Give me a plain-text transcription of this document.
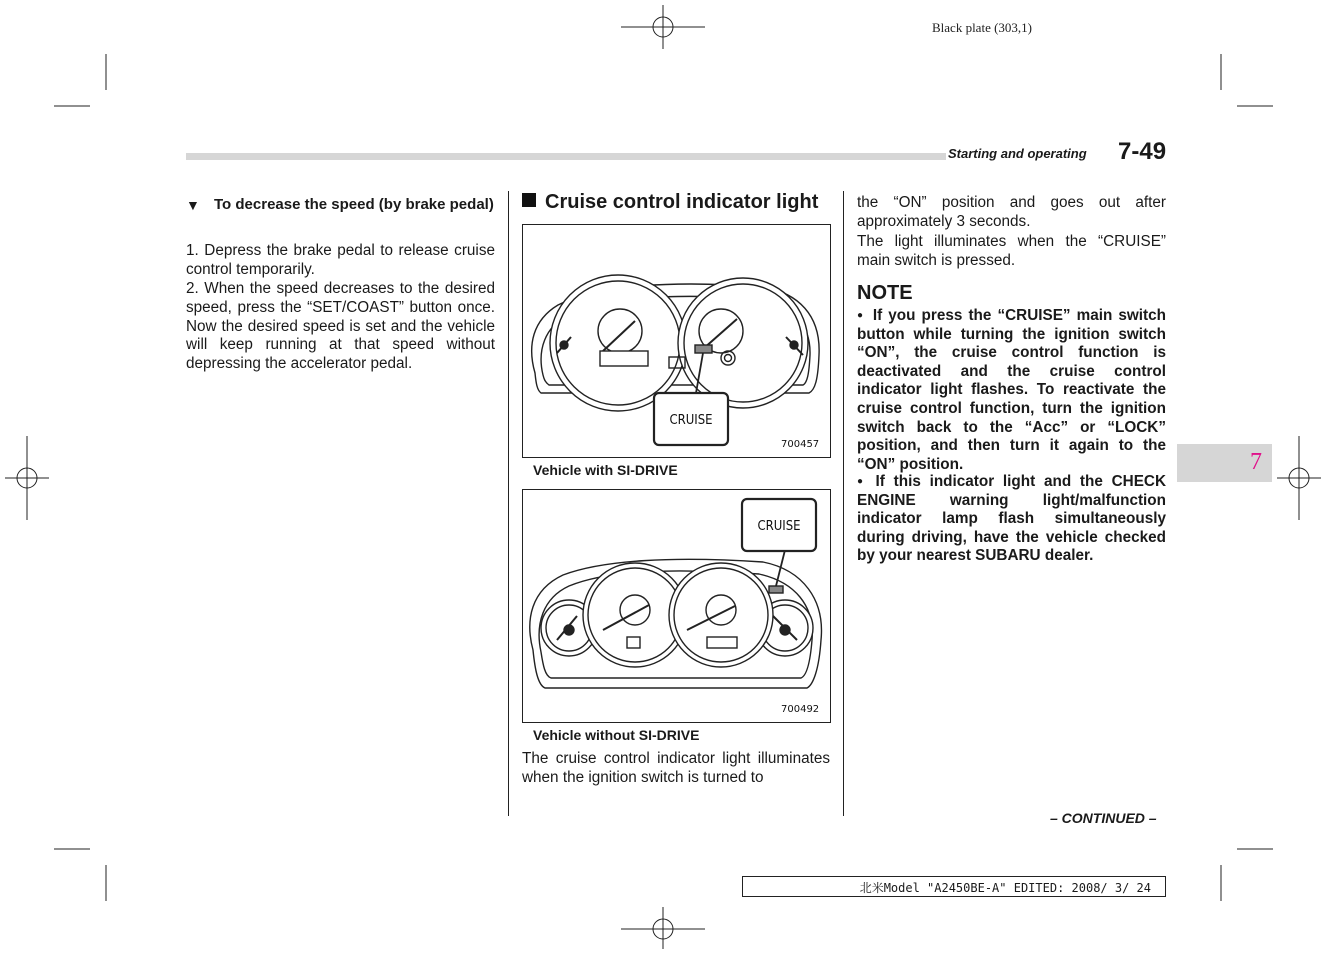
Black plate (303,1)
Starting and operating 7-49
7
▼ To decrease the speed (by brake pedal)

1. Depress the brake pedal to release cruise control temporarily.

2. When the speed decreases to the desired speed, press the “SET/COAST” button once. Now the desired speed is set and the vehicle will keep running at that speed without depressing the accelerator pedal.

Cruise control indicator light
CRUISE
700457
Vehicle with SI-DRIVE
CRUISE
700492
Vehicle without SI-DRIVE

The cruise control indicator light illuminates when the ignition switch is turned to

the “ON” position and goes out after approximately 3 seconds.

The light illuminates when the “CRUISE” main switch is pressed.

NOTE

● If you press the “CRUISE” main switch button while turning the ignition switch “ON”, the cruise control function is deactivated and the cruise control indicator light flashes. To reactivate the cruise control function, turn the ignition switch back to the “Acc” or “LOCK” position, and then turn it again to the “ON” position.

● If this indicator light and the CHECK ENGINE warning light/malfunction indicator lamp flash simultaneously during driving, have the vehicle checked by your nearest SUBARU dealer.

– CONTINUED –
北米Model "A2450BE-A" EDITED: 2008/ 3/ 24
